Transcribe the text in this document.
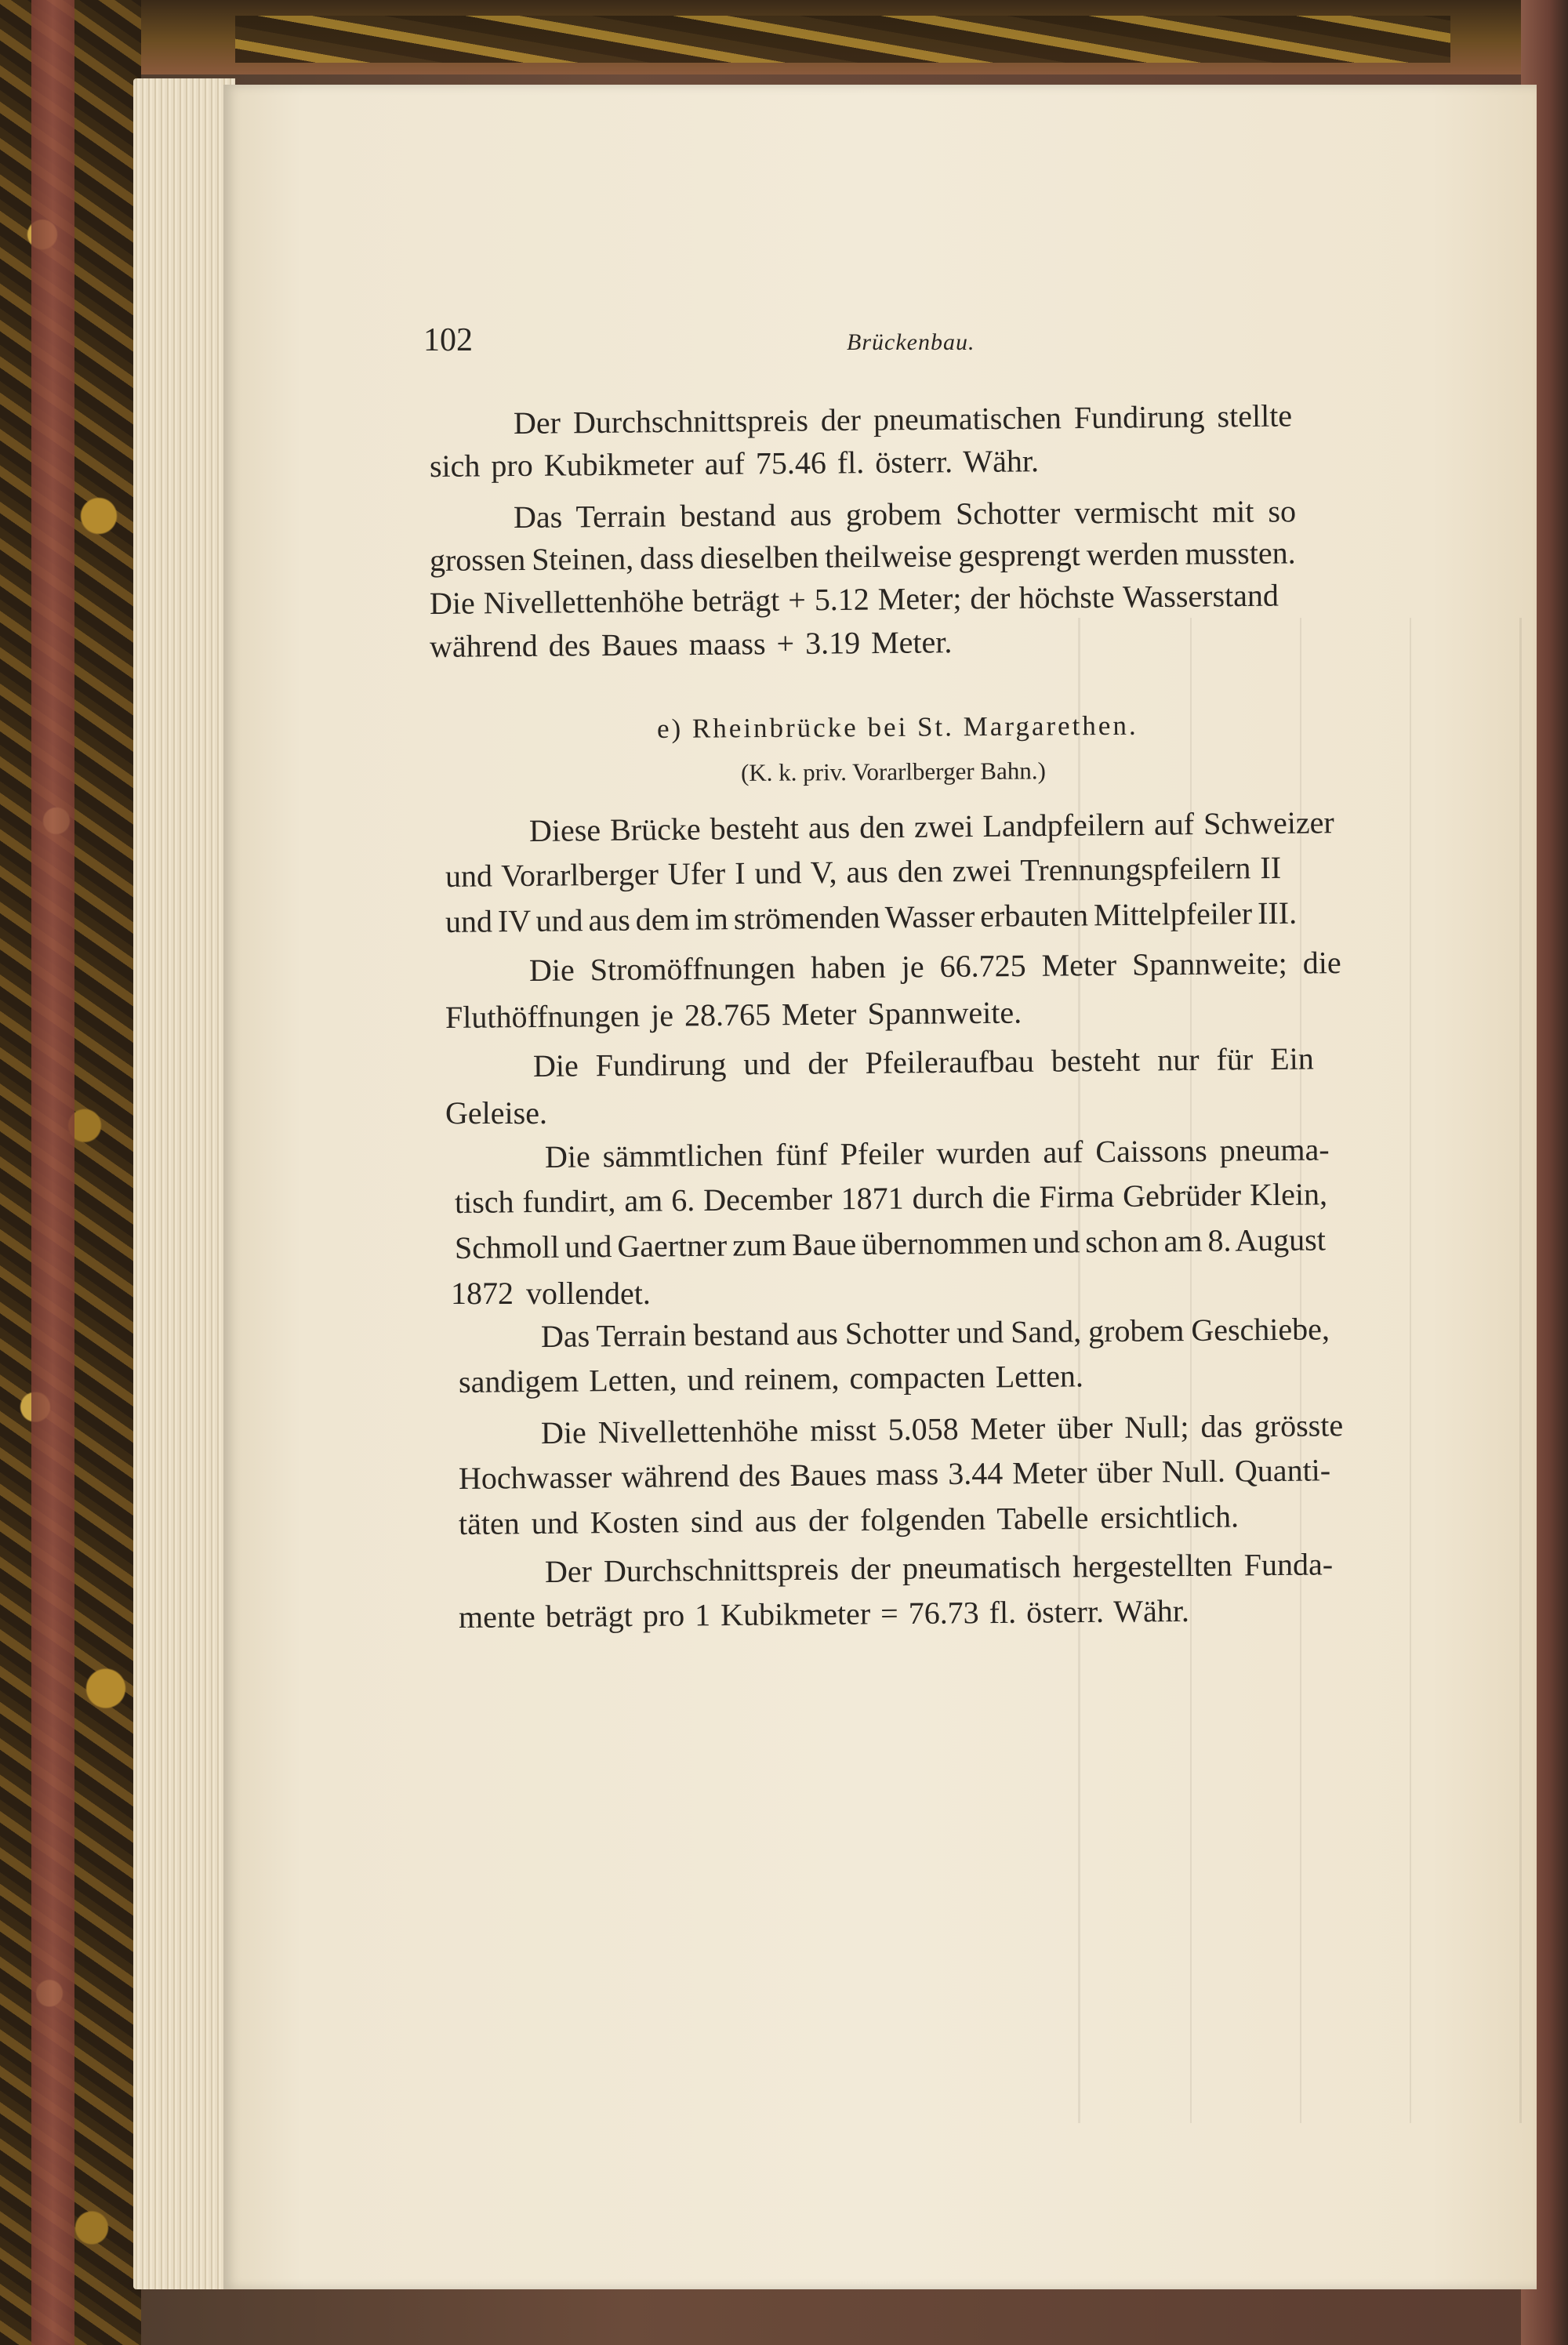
102	Brückenbau.
Der Durchschnittspreis der pneumatischen Fundirung stellte
sich pro Kubikmeter auf 75.46 fl. österr. Währ.
Das Terrain bestand aus grobem Schotter vermischt mit so
grossen Steinen, dass dieselben theilweise gesprengt werden mussten.
Die Nivellettenhöhe beträgt + 5.12 Meter; der höchste Wasserstand
während des Baues maass + 3.19 Meter.
e) Rheinbrücke bei St. Margarethen.
(K. k. priv. Vorarlberger Bahn.)
Diese Brücke besteht aus den zwei Landpfeilern auf Schweizer
und Vorarlberger Ufer I und V, aus den zwei Trennungspfeilern II
und IV und aus dem im strömenden Wasser erbauten Mittelpfeiler III.
Die Stromöffnungen haben je 66.725 Meter Spannweite; die
Fluthöffnungen je 28.765 Meter Spannweite.
Die Fundirung und der Pfeileraufbau besteht nur für Ein
Geleise.
Die sämmtlichen fünf Pfeiler wurden auf Caissons pneuma-
tisch fundirt, am 6. December 1871 durch die Firma Gebrüder Klein,
Schmoll und Gaertner zum Baue übernommen und schon am 8. August
1872 vollendet.
Das Terrain bestand aus Schotter und Sand, grobem Geschiebe,
sandigem Letten, und reinem, compacten Letten.
Die Nivellettenhöhe misst 5.058 Meter über Null; das grösste
Hochwasser während des Baues mass 3.44 Meter über Null. Quanti-
täten und Kosten sind aus der folgenden Tabelle ersichtlich.
Der Durchschnittspreis der pneumatisch hergestellten Funda-
mente beträgt pro 1 Kubikmeter = 76.73 fl. österr. Währ.
